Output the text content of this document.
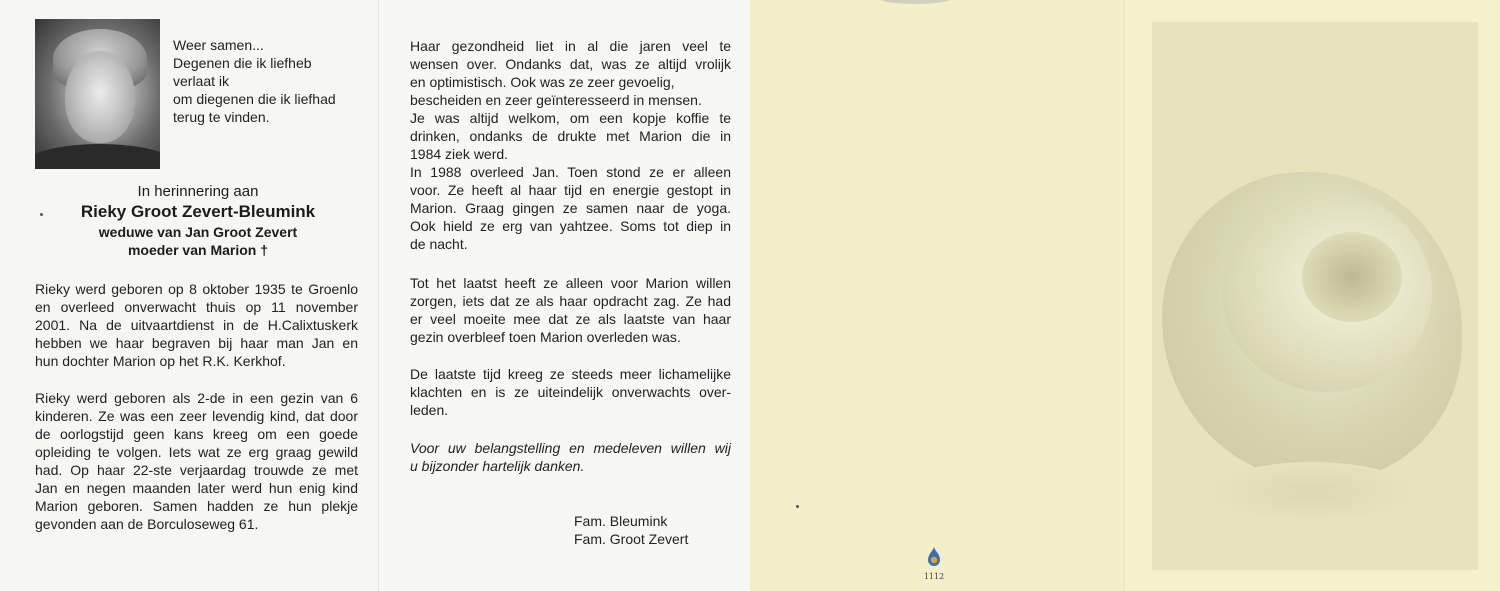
Weer samen...
Degenen die ik liefheb
verlaat ik
om diegenen die ik liefhad
terug te vinden.
In herinnering aan
Rieky Groot Zevert-Bleumink
weduwe van Jan Groot Zevert
moeder van Marion †
Rieky werd geboren op 8 oktober 1935 te Groenlo
en overleed onverwacht thuis op 11 november
2001. Na de uitvaartdienst in de H.Calixtuskerk
hebben we haar begraven bij haar man Jan en
hun dochter Marion op het R.K. Kerkhof.
Rieky werd geboren als 2-de in een gezin van 6
kinderen. Ze was een zeer levendig kind, dat door
de oorlogstijd geen kans kreeg om een goede
opleiding te volgen. Iets wat ze erg graag gewild
had. Op haar 22-ste verjaardag trouwde ze met
Jan en negen maanden later werd hun enig kind
Marion geboren. Samen hadden ze hun plekje
gevonden aan de Borculoseweg 61.
Haar gezondheid liet in al die jaren veel te
wensen over. Ondanks dat, was ze altijd vrolijk
en optimistisch. Ook was ze zeer gevoelig,
bescheiden en zeer geïnteresseerd in mensen.
Je was altijd welkom, om een kopje koffie te
drinken, ondanks de drukte met Marion die in
1984 ziek werd.
In 1988 overleed Jan. Toen stond ze er alleen
voor. Ze heeft al haar tijd en energie gestopt in
Marion. Graag gingen ze samen naar de yoga.
Ook hield ze erg van yahtzee. Soms tot diep in
de nacht.
Tot het laatst heeft ze alleen voor Marion willen
zorgen, iets dat ze als haar opdracht zag. Ze had
er veel moeite mee dat ze als laatste van haar
gezin overbleef toen Marion overleden was.
De laatste tijd kreeg ze steeds meer lichamelijke
klachten en is ze uiteindelijk onverwachts over-
leden.
Voor uw belangstelling en medeleven willen wij
u bijzonder hartelijk danken.
Fam. Bleumink
Fam. Groot Zevert
1112
